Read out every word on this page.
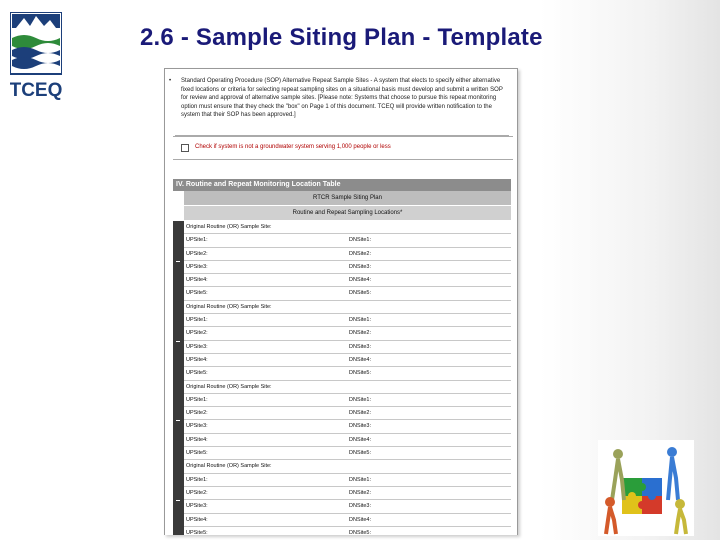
TCEQ
2.6 - Sample Siting Plan - Template

• Standard Operating Procedure (SOP) Alternative Repeat Sample Sites - A system that elects to specify either alternative fixed locations or criteria for selecting repeat sampling sites on a situational basis must develop and submit a written SOP for review and approval of alternative sample sites. [Please note: Systems that choose to pursue this repeat monitoring option must ensure that they check the "box" on Page 1 of this document. TCEQ will provide written notification to the system that their SOP has been approved.]

Check if system is not a groundwater system serving 1,000 people or less
IV. Routine and Repeat Monitoring Location Table
RTCR Sample Siting Plan
Routine and Repeat Sampling Locations*
Original Routine (OR) Sample Site:
UPSite1:	DNSite1:
UPSite2:	DNSite2:
UPSite3:	DNSite3:
UPSite4:	DNSite4:
UPSite5:	DNSite5:
Original Routine (OR) Sample Site:
UPSite1:	DNSite1:
UPSite2:	DNSite2:
UPSite3:	DNSite3:
UPSite4:	DNSite4:
UPSite5:	DNSite5:
Original Routine (OR) Sample Site:
UPSite1:	DNSite1:
UPSite2:	DNSite2:
UPSite3:	DNSite3:
UPSite4:	DNSite4:
UPSite5:	DNSite5:
Original Routine (OR) Sample Site:
UPSite1:	DNSite1:
UPSite2:	DNSite2:
UPSite3:	DNSite3:
UPSite4:	DNSite4:
UPSite5:	DNSite5:
